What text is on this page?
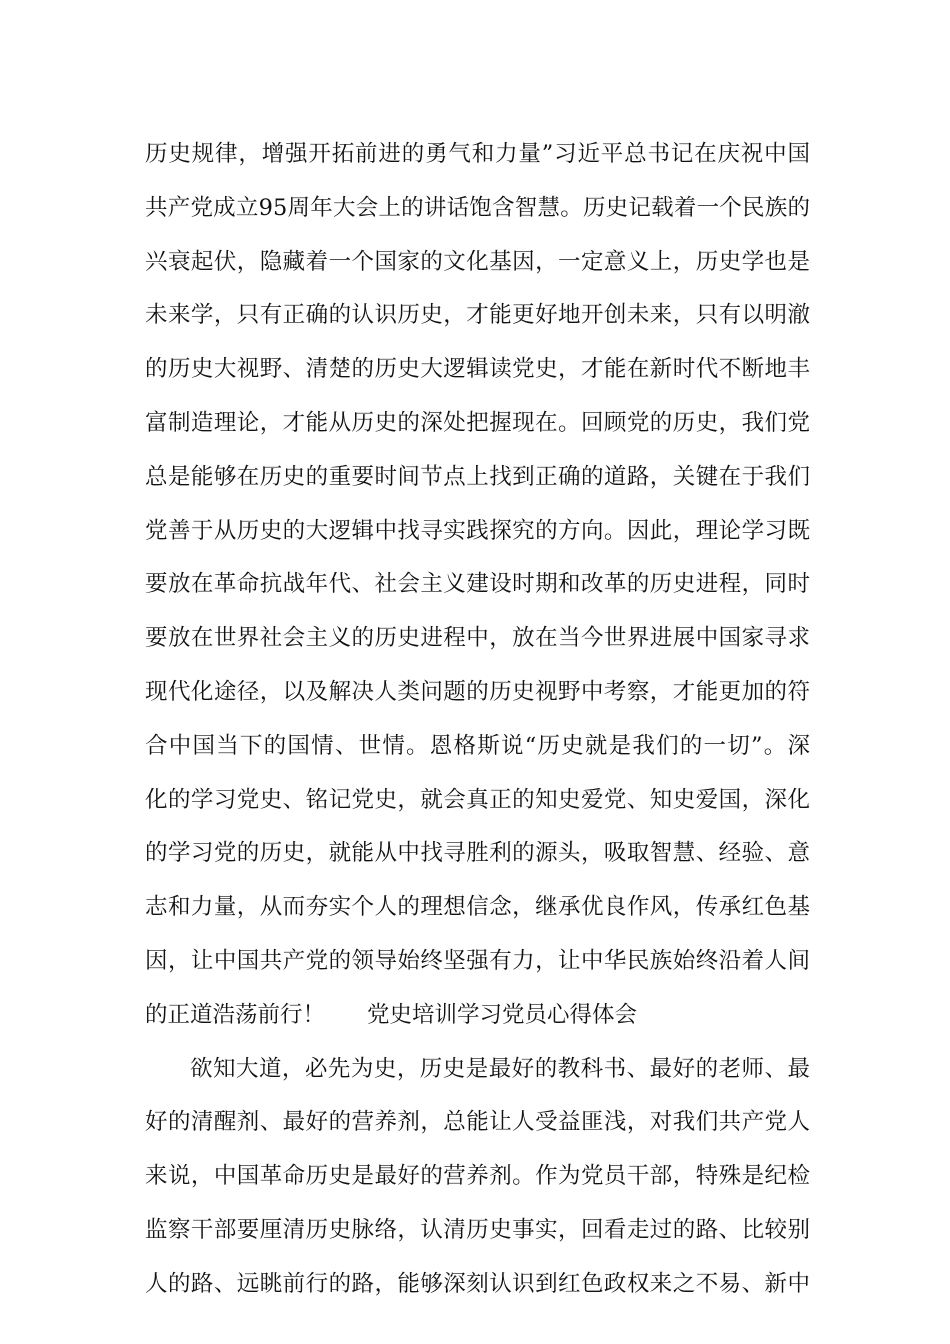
历史规律，增强开拓前进的勇气和力量”习近平总书记在庆祝中国
共产党成立95周年大会上的讲话饱含智慧。历史记载着一个民族的
兴衰起伏，隐藏着一个国家的文化基因，一定意义上，历史学也是
未来学，只有正确的认识历史，才能更好地开创未来，只有以明澈
的历史大视野、清楚的历史大逻辑读党史，才能在新时代不断地丰
富制造理论，才能从历史的深处把握现在。回顾党的历史，我们党
总是能够在历史的重要时间节点上找到正确的道路，关键在于我们
党善于从历史的大逻辑中找寻实践探究的方向。因此，理论学习既
要放在革命抗战年代、社会主义建设时期和改革的历史进程，同时
要放在世界社会主义的历史进程中，放在当今世界进展中国家寻求
现代化途径，以及解决人类问题的历史视野中考察，才能更加的符
合中国当下的国情、世情。恩格斯说“历史就是我们的一切”。深
化的学习党史、铭记党史，就会真正的知史爱党、知史爱国，深化
的学习党的历史，就能从中找寻胜利的源头，吸取智慧、经验、意
志和力量，从而夯实个人的理想信念，继承优良作风，传承红色基
因，让中国共产党的领导始终坚强有力，让中华民族始终沿着人间
的正道浩荡前行！ 党史培训学习党员心得体会
欲知大道，必先为史，历史是最好的教科书、最好的老师、最
好的清醒剂、最好的营养剂，总能让人受益匪浅，对我们共产党人
来说，中国革命历史是最好的营养剂。作为党员干部，特殊是纪检
监察干部要厘清历史脉络，认清历史事实，回看走过的路、比较别
人的路、远眺前行的路，能够深刻认识到红色政权来之不易、新中
